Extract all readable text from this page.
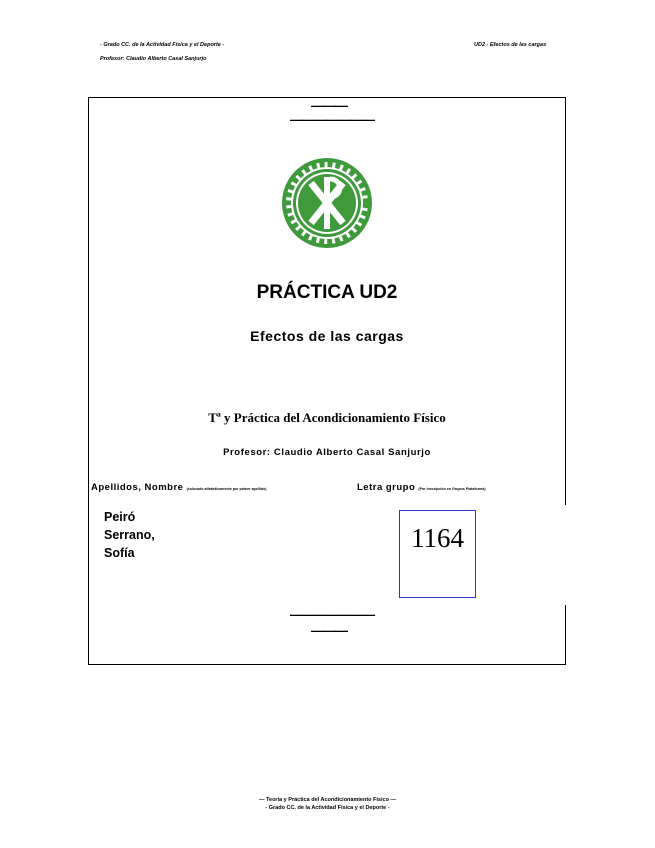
- Grado CC. de la Actividad Física y el Deporte -
Profesor: Claudio Alberto Casal Sanjurjo
UD2 - Efectos de las cargas
———
———————
PRÁCTICA UD2
Efectos de las cargas
Tª y Práctica del Acondicionamiento Físico
Profesor: Claudio Alberto Casal Sanjurjo
Apellidos, Nombre (colocado alfabéticamente por primer apellido)	Letra grupo (Por Inscripción en Grupos Plataforma)
Peiró
Serrano,
Sofía	1164
———————
———
— Teoría y Práctica del Acondicionamiento Físico —
- Grado CC. de la Actividad Física y el Deporte -
